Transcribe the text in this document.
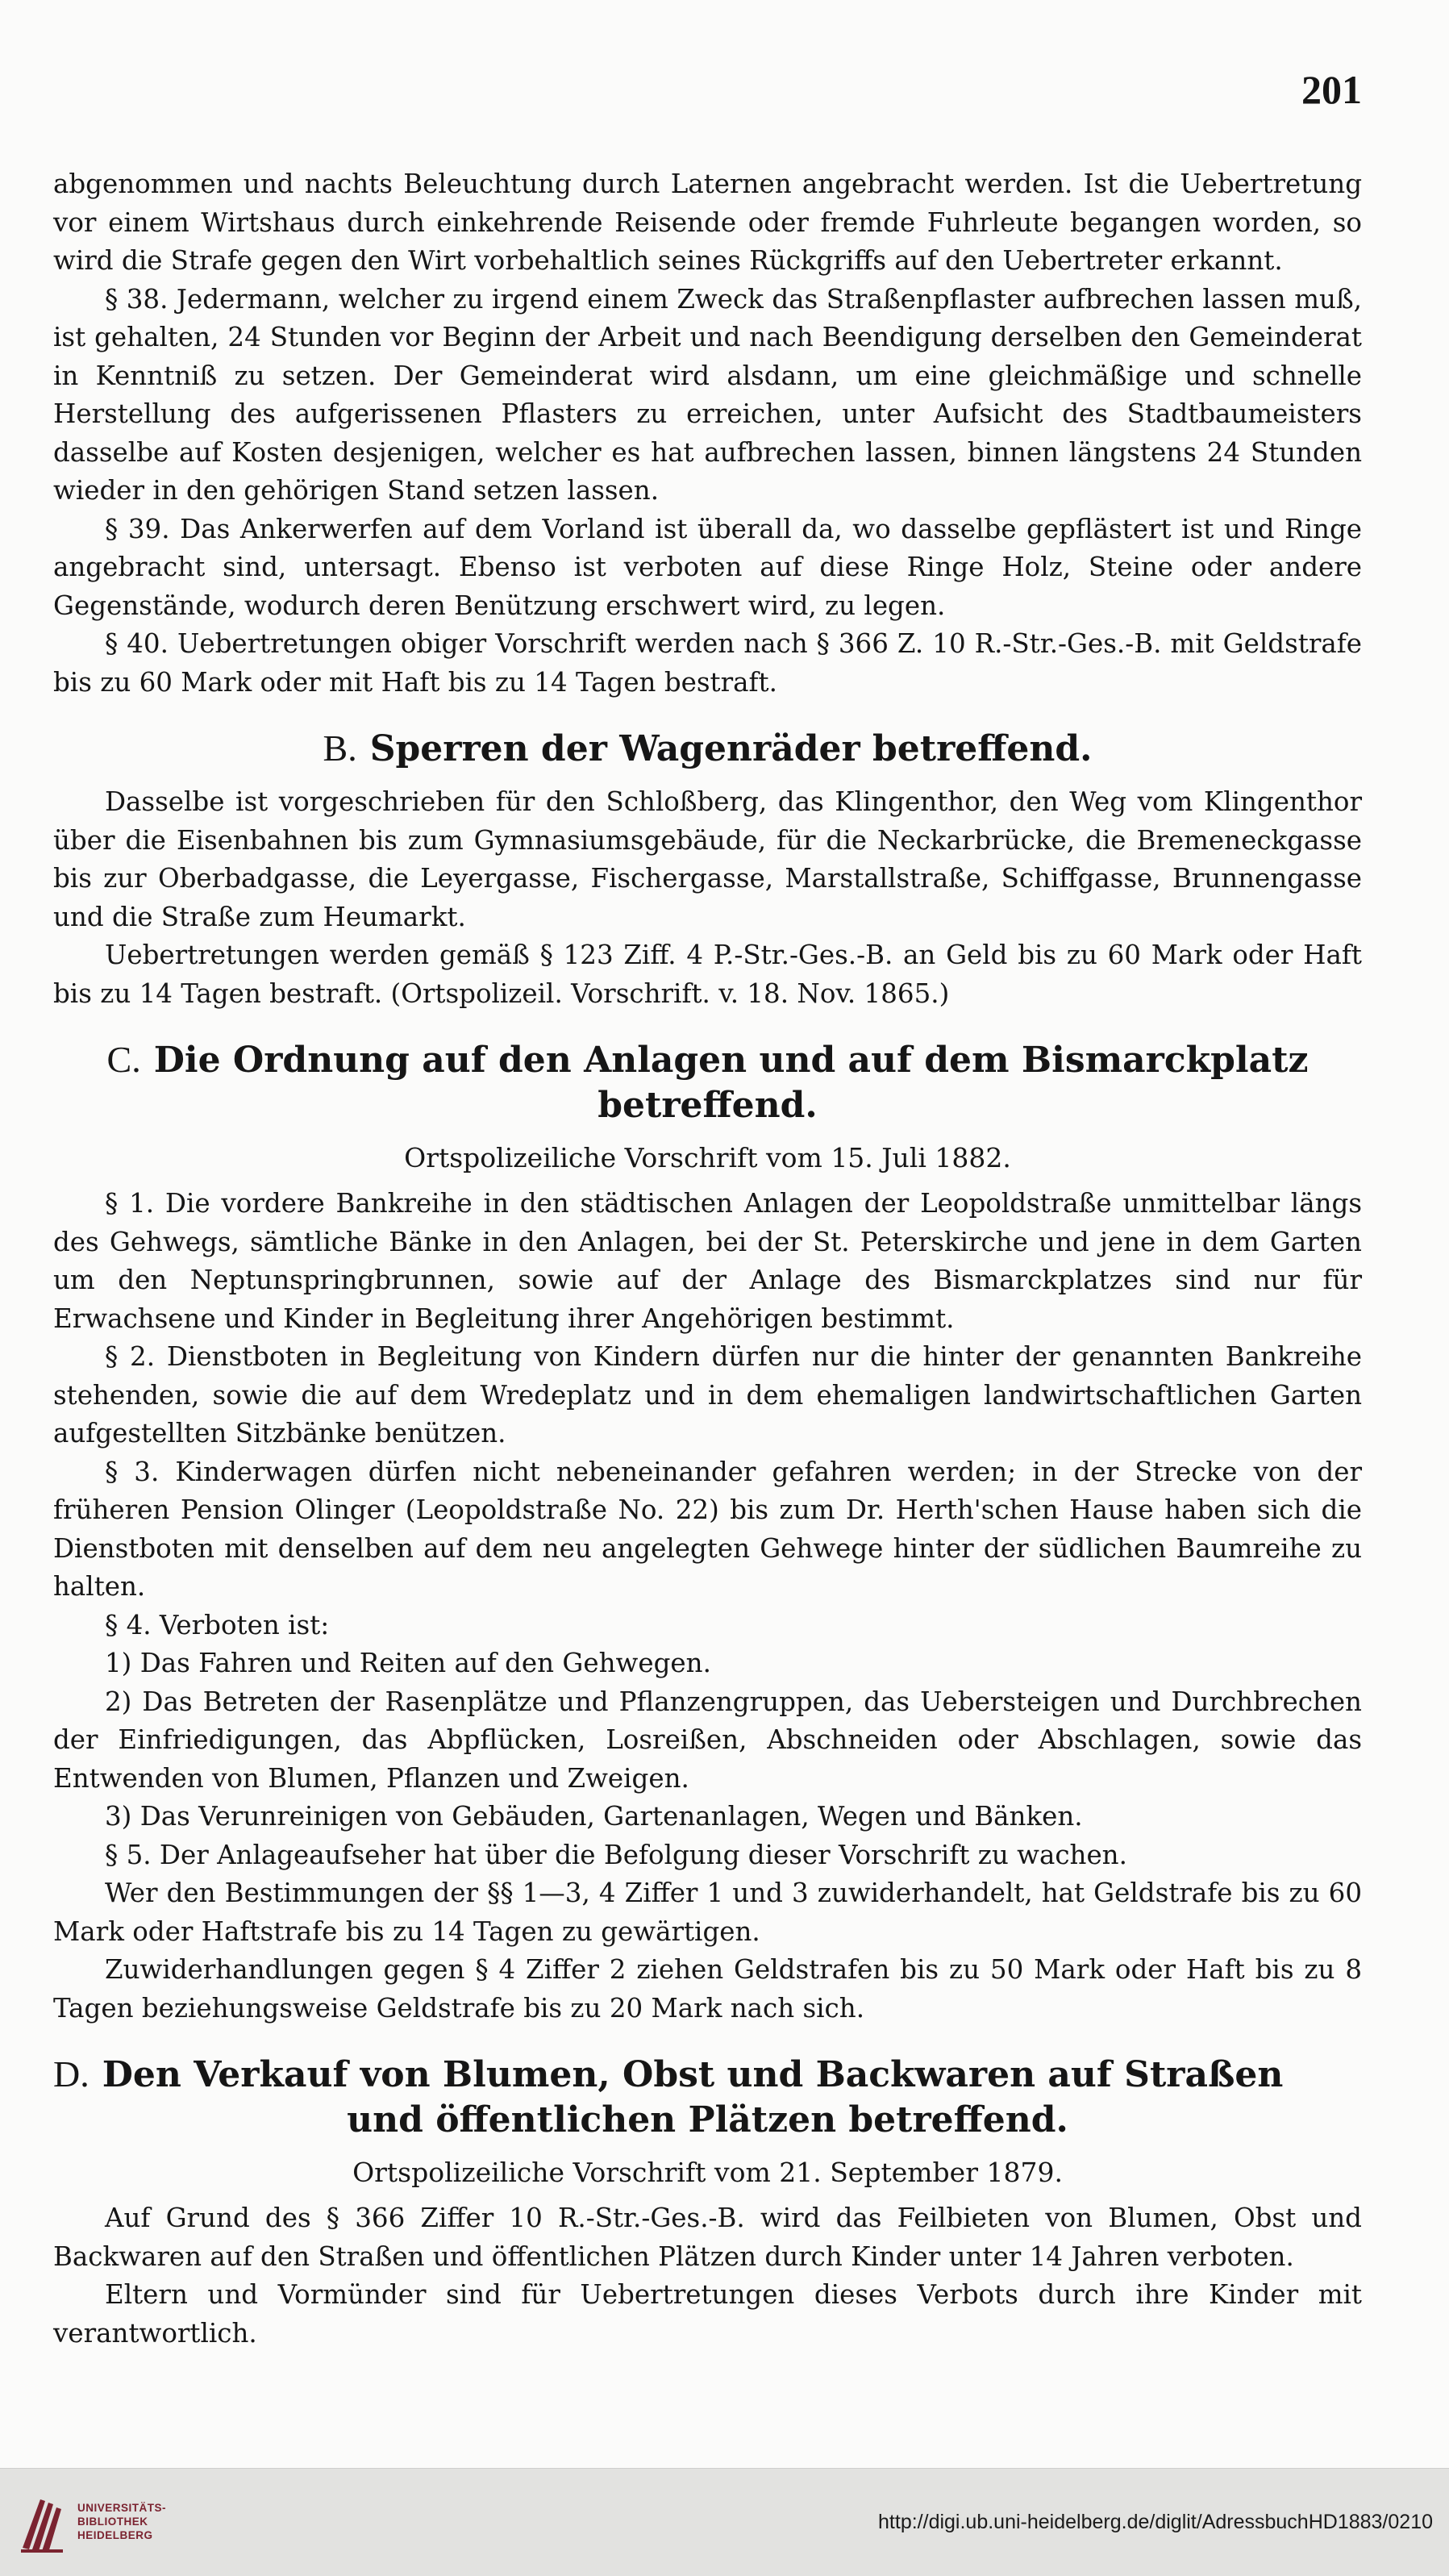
201

abgenommen und nachts Beleuchtung durch Laternen angebracht werden. Ist die Uebertretung vor einem Wirtshaus durch einkehrende Reisende oder fremde Fuhrleute begangen worden, so wird die Strafe gegen den Wirt vorbehaltlich seines Rückgriffs auf den Uebertreter erkannt.

§ 38. Jedermann, welcher zu irgend einem Zweck das Straßenpflaster aufbrechen lassen muß, ist gehalten, 24 Stunden vor Beginn der Arbeit und nach Beendigung derselben den Gemeinderat in Kenntniß zu setzen. Der Gemeinderat wird alsdann, um eine gleichmäßige und schnelle Herstellung des aufgerissenen Pflasters zu erreichen, unter Aufsicht des Stadtbaumeisters dasselbe auf Kosten desjenigen, welcher es hat aufbrechen lassen, binnen längstens 24 Stunden wieder in den gehörigen Stand setzen lassen.

§ 39. Das Ankerwerfen auf dem Vorland ist überall da, wo dasselbe gepflästert ist und Ringe angebracht sind, untersagt. Ebenso ist verboten auf diese Ringe Holz, Steine oder andere Gegenstände, wodurch deren Benützung erschwert wird, zu legen.

§ 40. Uebertretungen obiger Vorschrift werden nach § 366 Z. 10 R.-Str.-Ges.-B. mit Geldstrafe bis zu 60 Mark oder mit Haft bis zu 14 Tagen bestraft.

B. Sperren der Wagenräder betreffend.

Dasselbe ist vorgeschrieben für den Schloßberg, das Klingenthor, den Weg vom Klingenthor über die Eisenbahnen bis zum Gymnasiumsgebäude, für die Neckarbrücke, die Bremeneckgasse bis zur Oberbadgasse, die Leyergasse, Fischergasse, Marstallstraße, Schiffgasse, Brunnengasse und die Straße zum Heumarkt.

Uebertretungen werden gemäß § 123 Ziff. 4 P.-Str.-Ges.-B. an Geld bis zu 60 Mark oder Haft bis zu 14 Tagen bestraft. (Ortspolizeil. Vorschrift. v. 18. Nov. 1865.)

C. Die Ordnung auf den Anlagen und auf dem Bismarckplatz betreffend.
Ortspolizeiliche Vorschrift vom 15. Juli 1882.

§ 1. Die vordere Bankreihe in den städtischen Anlagen der Leopoldstraße unmittelbar längs des Gehwegs, sämtliche Bänke in den Anlagen, bei der St. Peterskirche und jene in dem Garten um den Neptunspringbrunnen, sowie auf der Anlage des Bismarckplatzes sind nur für Erwachsene und Kinder in Begleitung ihrer Angehörigen bestimmt.

§ 2. Dienstboten in Begleitung von Kindern dürfen nur die hinter der genannten Bankreihe stehenden, sowie die auf dem Wredeplatz und in dem ehemaligen landwirtschaftlichen Garten aufgestellten Sitzbänke benützen.

§ 3. Kinderwagen dürfen nicht nebeneinander gefahren werden; in der Strecke von der früheren Pension Olinger (Leopoldstraße No. 22) bis zum Dr. Herth'schen Hause haben sich die Dienstboten mit denselben auf dem neu angelegten Gehwege hinter der südlichen Baumreihe zu halten.

§ 4. Verboten ist:

1) Das Fahren und Reiten auf den Gehwegen.

2) Das Betreten der Rasenplätze und Pflanzengruppen, das Uebersteigen und Durchbrechen der Einfriedigungen, das Abpflücken, Losreißen, Abschneiden oder Abschlagen, sowie das Entwenden von Blumen, Pflanzen und Zweigen.

3) Das Verunreinigen von Gebäuden, Gartenanlagen, Wegen und Bänken.

§ 5. Der Anlageaufseher hat über die Befolgung dieser Vorschrift zu wachen.

Wer den Bestimmungen der §§ 1—3, 4 Ziffer 1 und 3 zuwiderhandelt, hat Geldstrafe bis zu 60 Mark oder Haftstrafe bis zu 14 Tagen zu gewärtigen.

Zuwiderhandlungen gegen § 4 Ziffer 2 ziehen Geldstrafen bis zu 50 Mark oder Haft bis zu 8 Tagen beziehungsweise Geldstrafe bis zu 20 Mark nach sich.

D. Den Verkauf von Blumen, Obst und Backwaren auf Straßen
und öffentlichen Plätzen betreffend.
Ortspolizeiliche Vorschrift vom 21. September 1879.

Auf Grund des § 366 Ziffer 10 R.-Str.-Ges.-B. wird das Feilbieten von Blumen, Obst und Backwaren auf den Straßen und öffentlichen Plätzen durch Kinder unter 14 Jahren verboten.

Eltern und Vormünder sind für Uebertretungen dieses Verbots durch ihre Kinder mit verantwortlich.

UNIVERSITÄTS-
BIBLIOTHEK
HEIDELBERG
http://digi.ub.uni-heidelberg.de/diglit/AdressbuchHD1883/0210
